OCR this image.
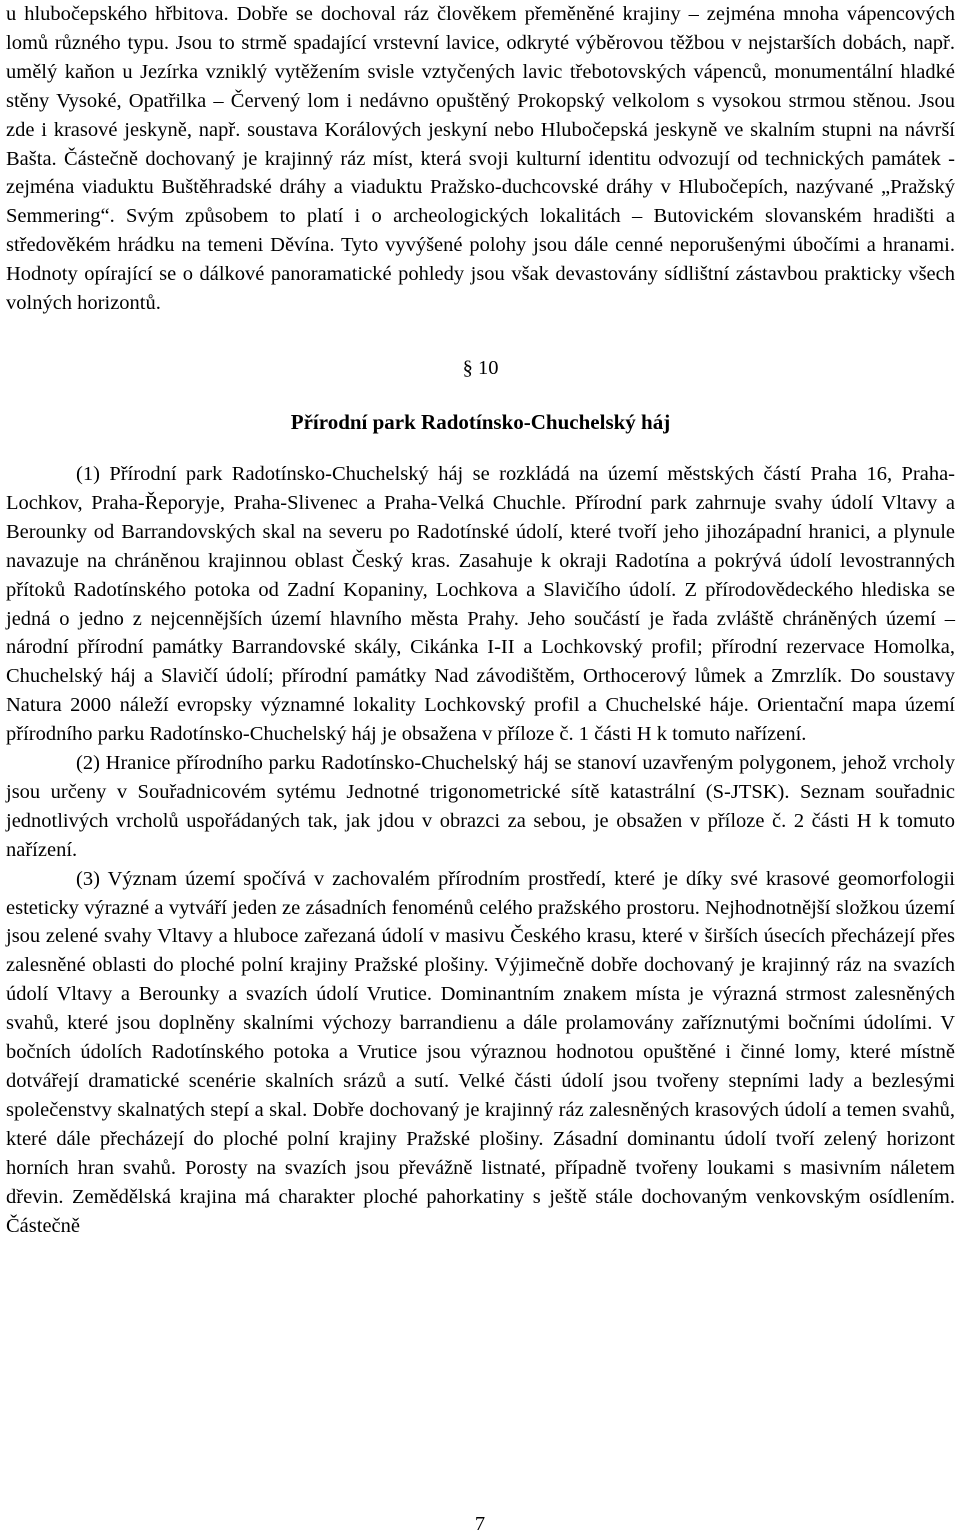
u hlubočepského hřbitova. Dobře se dochoval ráz člověkem přeměněné krajiny – zejména mnoha vápencových lomů různého typu. Jsou to strmě spadající vrstevní lavice, odkryté výběrovou těžbou v nejstarších dobách, např. umělý kaňon u Jezírka vzniklý vytěžením svisle vztyčených lavic třebotovských vápenců, monumentální hladké stěny Vysoké, Opatřilka – Červený lom i nedávno opuštěný Prokopský velkolom s vysokou strmou stěnou. Jsou zde i krasové jeskyně, např. soustava Korálových jeskyní nebo Hlubočepská jeskyně ve skalním stupni na návrší Bašta. Částečně dochovaný je krajinný ráz míst, která svoji kulturní identitu odvozují od technických památek - zejména viaduktu Buštěhradské dráhy a viaduktu Pražsko-duchcovské dráhy v Hlubočepích, nazývané „Pražský Semmering“. Svým způsobem to platí i o archeologických lokalitách – Butovickém slovanském hradišti a středověkém hrádku na temeni Děvína. Tyto vyvýšené polohy jsou dále cenné neporušenými úbočími a hranami. Hodnoty opírající se o dálkové panoramatické pohledy jsou však devastovány sídlištní zástavbou prakticky všech volných horizontů.

§ 10
Přírodní park Radotínsko-Chuchelský háj

(1) Přírodní park Radotínsko-Chuchelský háj se rozkládá na území městských částí Praha 16, Praha-Lochkov, Praha-Řeporyje, Praha-Slivenec a Praha-Velká Chuchle. Přírodní park zahrnuje svahy údolí Vltavy a Berounky od Barrandovských skal na severu po Radotínské údolí, které tvoří jeho jihozápadní hranici, a plynule navazuje na chráněnou krajinnou oblast Český kras. Zasahuje k okraji Radotína a pokrývá údolí levostranných přítoků Radotínského potoka od Zadní Kopaniny, Lochkova a Slavičího údolí. Z přírodovědeckého hlediska se jedná o jedno z nejcennějších území hlavního města Prahy. Jeho součástí je řada zvláště chráněných území – národní přírodní památky Barrandovské skály, Cikánka I-II a Lochkovský profil; přírodní rezervace Homolka, Chuchelský háj a Slavičí údolí; přírodní památky Nad závodištěm, Orthocerový lůmek a Zmrzlík. Do soustavy Natura 2000 náleží evropsky významné lokality Lochkovský profil a Chuchelské háje. Orientační mapa území přírodního parku Radotínsko-Chuchelský háj je obsažena v příloze č. 1 části H k tomuto nařízení.

(2) Hranice přírodního parku Radotínsko-Chuchelský háj se stanoví uzavřeným polygonem, jehož vrcholy jsou určeny v Souřadnicovém sytému Jednotné trigonometrické sítě katastrální (S-JTSK). Seznam souřadnic jednotlivých vrcholů uspořádaných tak, jak jdou v obrazci za sebou, je obsažen v příloze č. 2 části H k tomuto nařízení.

(3) Význam území spočívá v zachovalém přírodním prostředí, které je díky své krasové geomorfologii esteticky výrazné a vytváří jeden ze zásadních fenoménů celého pražského prostoru. Nejhodnotnější složkou území jsou zelené svahy Vltavy a hluboce zařezaná údolí v masivu Českého krasu, které v širších úsecích přecházejí přes zalesněné oblasti do ploché polní krajiny Pražské plošiny. Výjimečně dobře dochovaný je krajinný ráz na svazích údolí Vltavy a Berounky a svazích údolí Vrutice. Dominantním znakem místa je výrazná strmost zalesněných svahů, které jsou doplněny skalními výchozy barrandienu a dále prolamovány zaříznutými bočními údolími. V bočních údolích Radotínského potoka a Vrutice jsou výraznou hodnotou opuštěné i činné lomy, které místně dotvářejí dramatické scenérie skalních srázů a sutí. Velké části údolí jsou tvořeny stepními lady a bezlesými společenstvy skalnatých stepí a skal. Dobře dochovaný je krajinný ráz zalesněných krasových údolí a temen svahů, které dále přecházejí do ploché polní krajiny Pražské plošiny. Zásadní dominantu údolí tvoří zelený horizont horních hran svahů. Porosty na svazích jsou převážně listnaté, případně tvořeny loukami s masivním náletem dřevin. Zemědělská krajina má charakter ploché pahorkatiny s ještě stále dochovaným venkovským osídlením. Částečně

7
